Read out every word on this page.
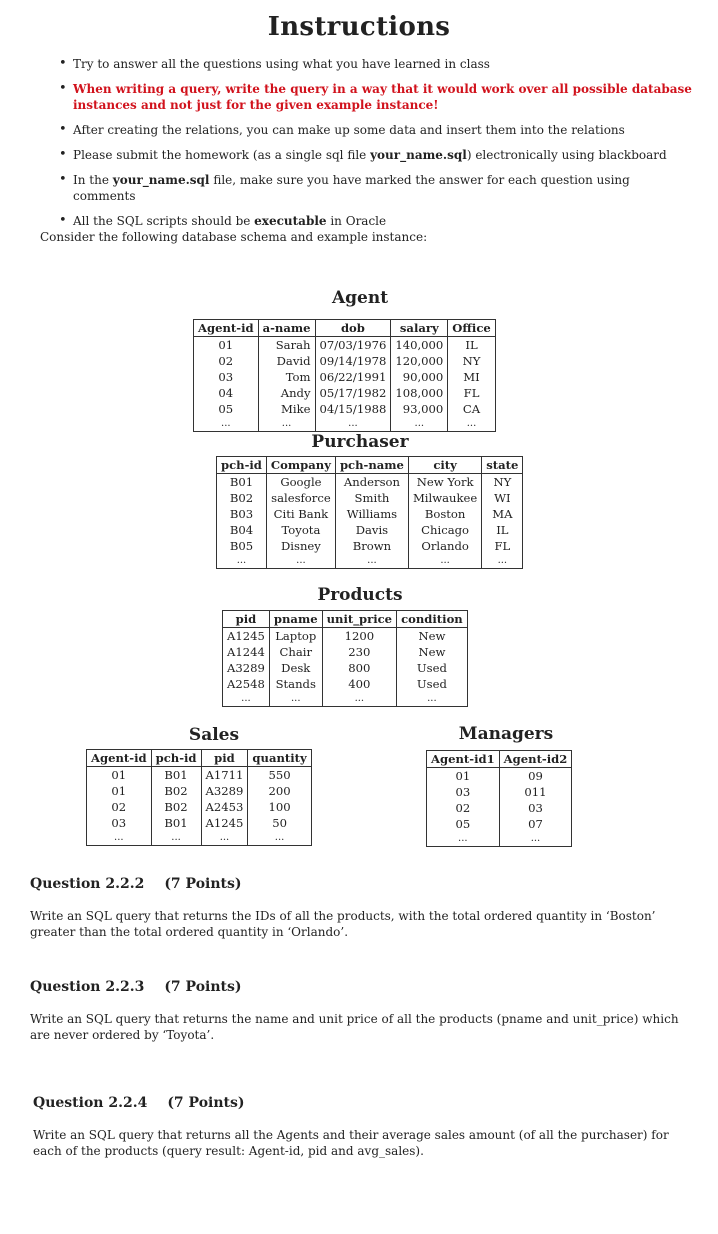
Instructions
• Try to answer all the questions using what you have learned in class
• When writing a query, write the query in a way that it would work over all possible database instances and not just for the given example instance!
• After creating the relations, you can make up some data and insert them into the relations
• Please submit the homework (as a single sql file your_name.sql) electronically using blackboard
• In the your_name.sql file, make sure you have marked the answer for each question using comments
• All the SQL scripts should be executable in Oracle
Consider the following database schema and example instance:
Agent
Agent-id	a-name	dob	salary	Office
01	Sarah	07/03/1976	140,000	IL
02	David	09/14/1978	120,000	NY
03	Tom	06/22/1991	90,000	MI
04	Andy	05/17/1982	108,000	FL
05	Mike	04/15/1988	93,000	CA
...	...	...	...	...
Purchaser
pch-id	Company	pch-name	city	state
B01	Google	Anderson	New York	NY
B02	salesforce	Smith	Milwaukee	WI
B03	Citi Bank	Williams	Boston	MA
B04	Toyota	Davis	Chicago	IL
B05	Disney	Brown	Orlando	FL
...	...	...	...	...
Products
pid	pname	unit_price	condition
A1245	Laptop	1200	New
A1244	Chair	230	New
A3289	Desk	800	Used
A2548	Stands	400	Used
...	...	...	...
Sales
Agent-id	pch-id	pid	quantity
01	B01	A1711	550
01	B02	A3289	200
02	B02	A2453	100
03	B01	A1245	50
...	...	...	...
Managers
Agent-id1	Agent-id2
01	09
03	011
02	03
05	07
...	...
Question 2.2.2 (7 Points)
Write an SQL query that returns the IDs of all the products, with the total ordered quantity in ‘Boston’ greater than the total ordered quantity in ‘Orlando’.
Question 2.2.3 (7 Points)
Write an SQL query that returns the name and unit price of all the products (pname and unit_price) which are never ordered by ‘Toyota’.
Question 2.2.4 (7 Points)
Write an SQL query that returns all the Agents and their average sales amount (of all the purchaser) for each of the products (query result: Agent-id, pid and avg_sales).
